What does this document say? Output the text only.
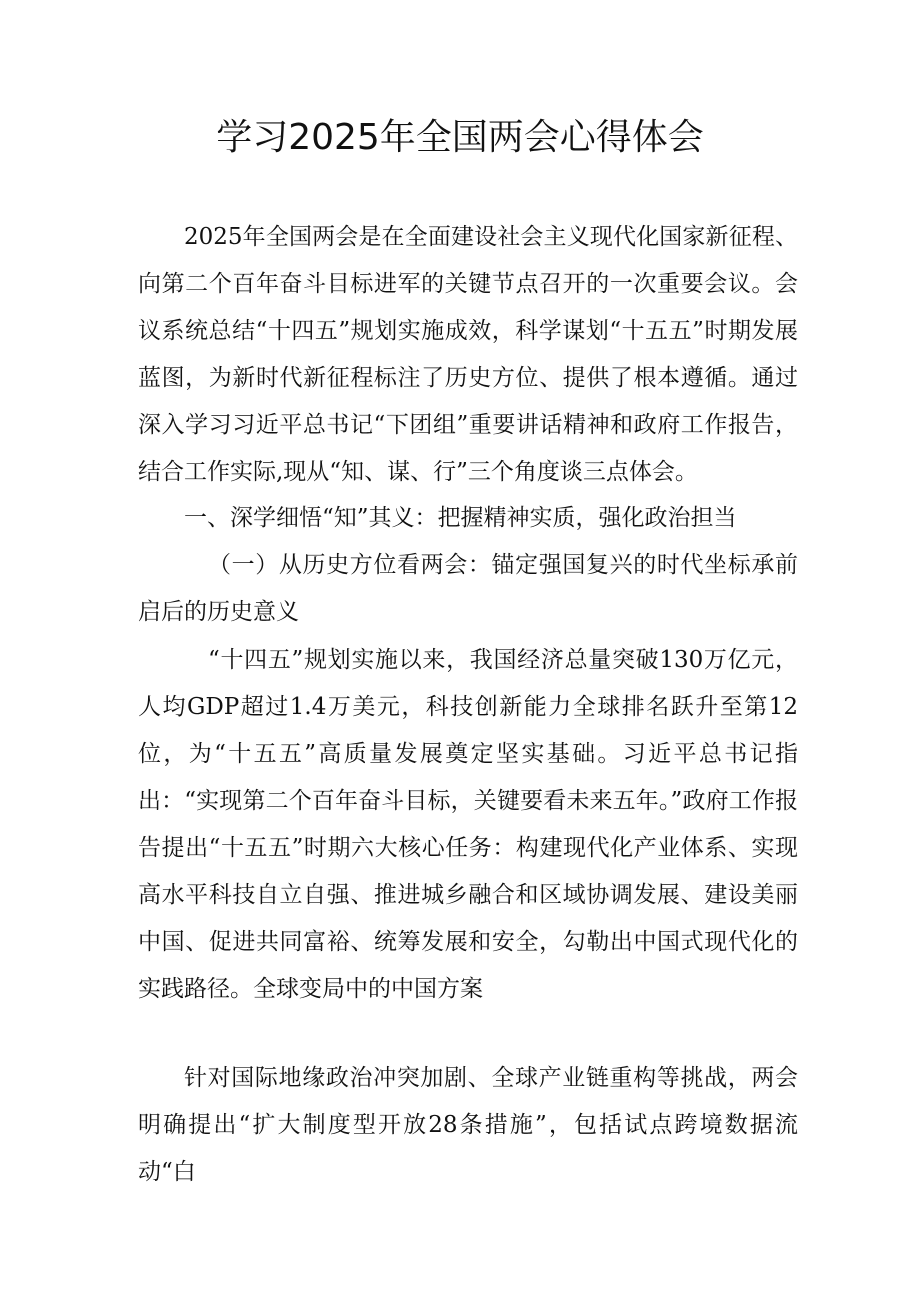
学习2025年全国两会心得体会

2025年全国两会是在全面建设社会主义现代化国家新征程、向第二个百年奋斗目标进军的关键节点召开的一次重要会议。会议系统总结“十四五”规划实施成效，科学谋划“十五五”时期发展蓝图，为新时代新征程标注了历史方位、提供了根本遵循。通过深入学习习近平总书记“下团组”重要讲话精神和政府工作报告，结合工作实际,现从“知、谋、行”三个角度谈三点体会。

一、深学细悟“知”其义：把握精神实质，强化政治担当

（一）从历史方位看两会：锚定强国复兴的时代坐标承前启后的历史意义

“十四五”规划实施以来，我国经济总量突破130万亿元，人均GDP超过1.4万美元，科技创新能力全球排名跃升至第12位，为“十五五”高质量发展奠定坚实基础。习近平总书记指出：“实现第二个百年奋斗目标，关键要看未来五年。”政府工作报告提出“十五五”时期六大核心任务：构建现代化产业体系、实现高水平科技自立自强、推进城乡融合和区域协调发展、建设美丽中国、促进共同富裕、统筹发展和安全，勾勒出中国式现代化的实践路径。全球变局中的中国方案

针对国际地缘政治冲突加剧、全球产业链重构等挑战，两会明确提出“扩大制度型开放28条措施”，包括试点跨境数据流动“白
